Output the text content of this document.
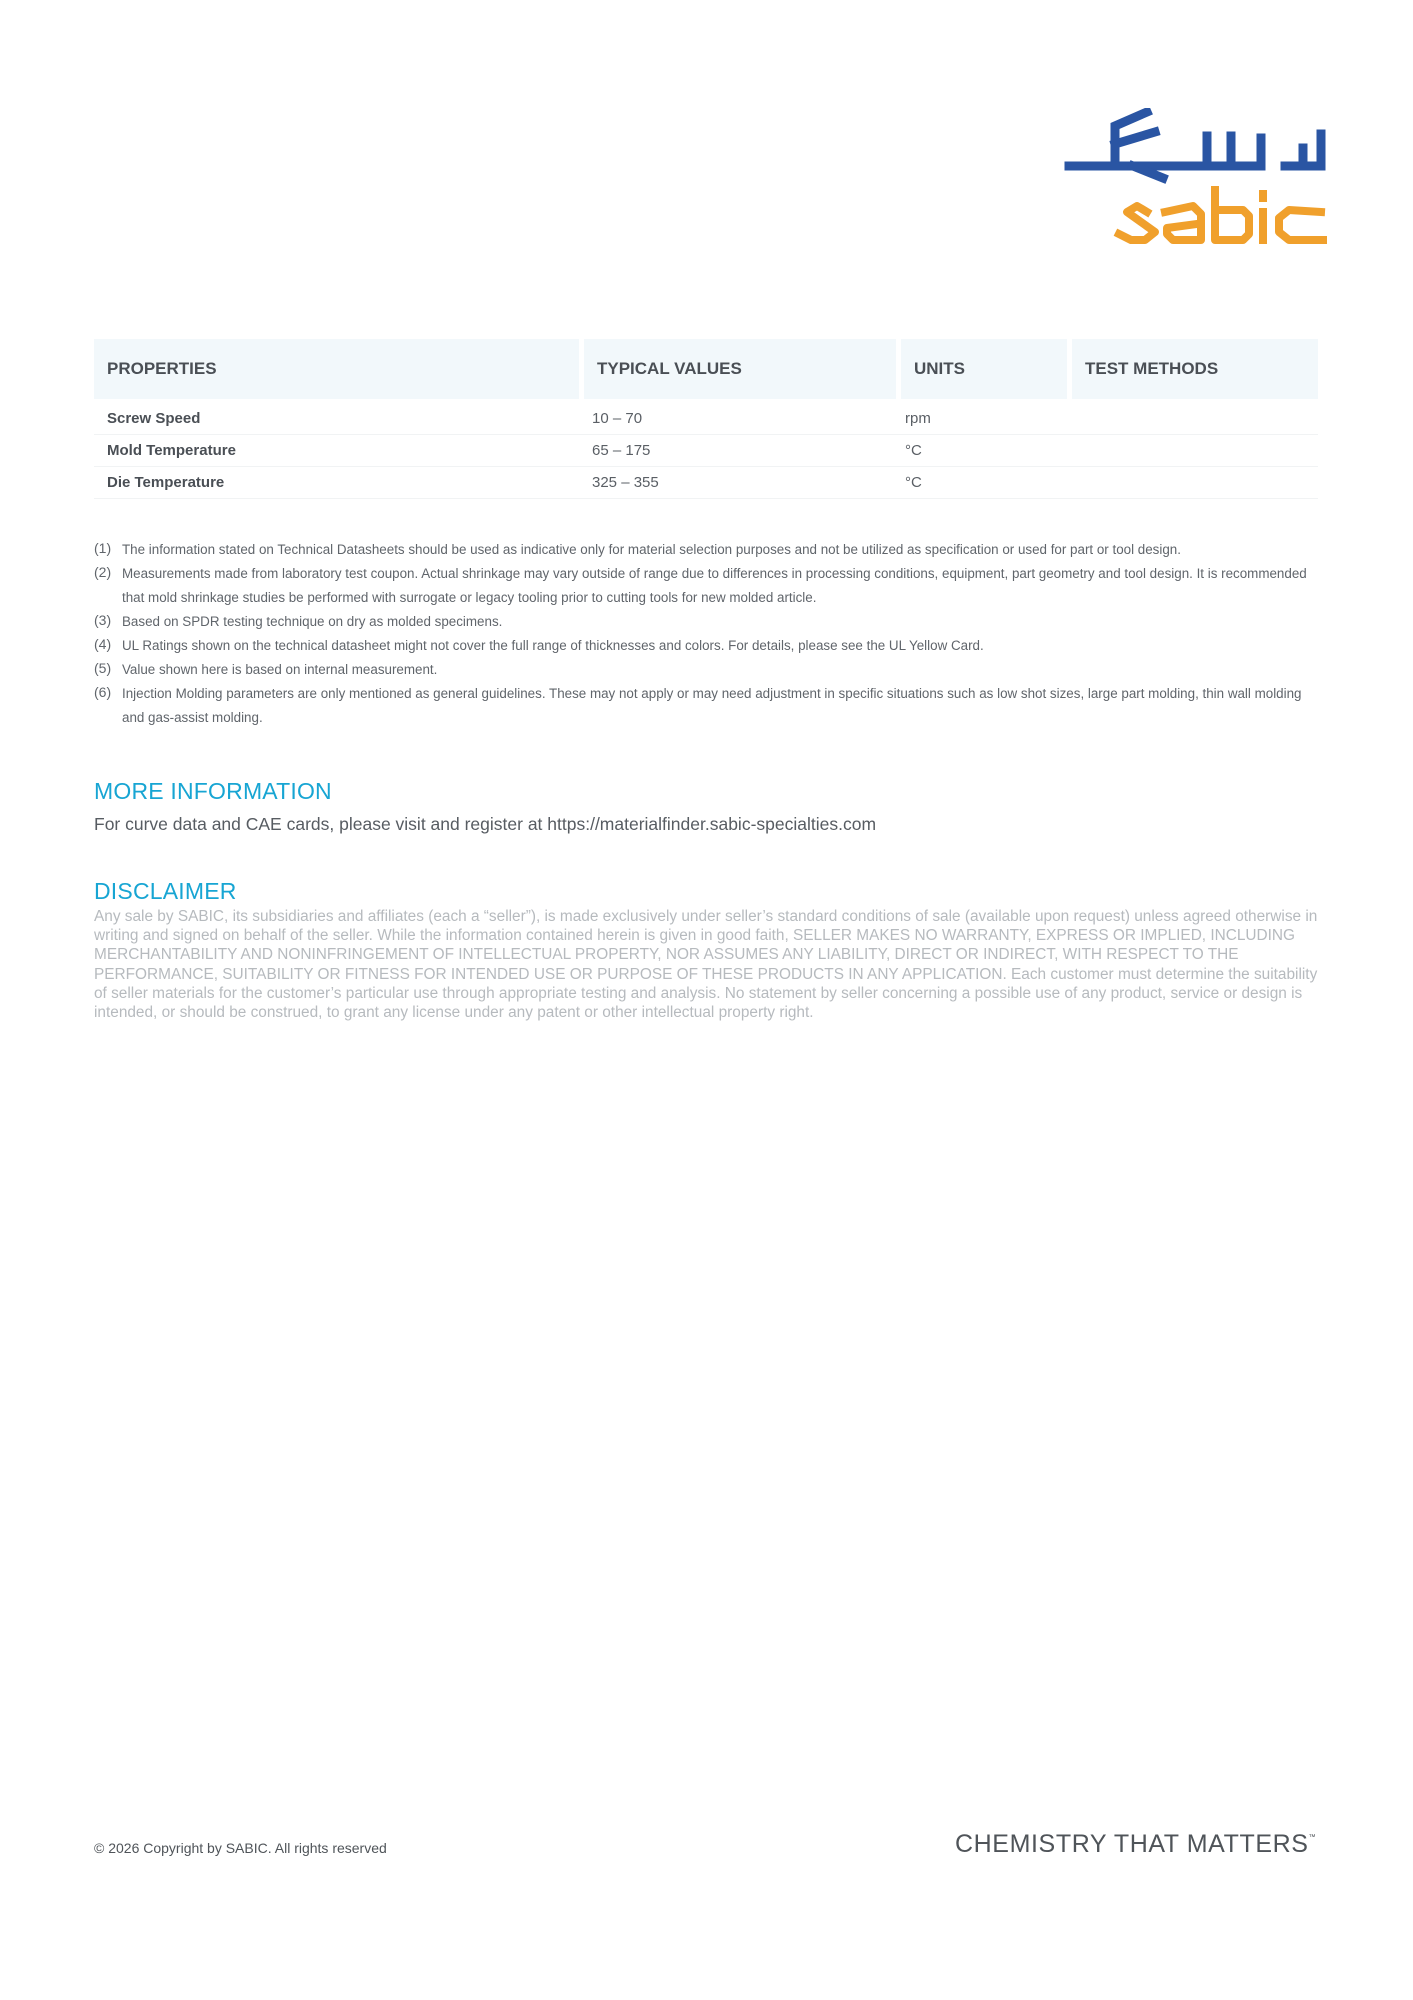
PROPERTIES	TYPICAL VALUES	UNITS	TEST METHODS
Screw Speed	10 – 70	rpm
Mold Temperature	65 – 175	°C
Die Temperature	325 – 355	°C
(1) The information stated on Technical Datasheets should be used as indicative only for material selection purposes and not be utilized as specification or used for part or tool design.
(2) Measurements made from laboratory test coupon. Actual shrinkage may vary outside of range due to differences in processing conditions, equipment, part geometry and tool design. It is recommended that mold shrinkage studies be performed with surrogate or legacy tooling prior to cutting tools for new molded article.
(3) Based on SPDR testing technique on dry as molded specimens.
(4) UL Ratings shown on the technical datasheet might not cover the full range of thicknesses and colors. For details, please see the UL Yellow Card.
(5) Value shown here is based on internal measurement.
(6) Injection Molding parameters are only mentioned as general guidelines. These may not apply or may need adjustment in specific situations such as low shot sizes, large part molding, thin wall molding and gas-assist molding.
MORE INFORMATION
For curve data and CAE cards, please visit and register at https://materialfinder.sabic-specialties.com
DISCLAIMER
Any sale by SABIC, its subsidiaries and affiliates (each a “seller”), is made exclusively under seller’s standard conditions of sale (available upon request) unless agreed otherwise in writing and signed on behalf of the seller. While the information contained herein is given in good faith, SELLER MAKES NO WARRANTY, EXPRESS OR IMPLIED, INCLUDING MERCHANTABILITY AND NONINFRINGEMENT OF INTELLECTUAL PROPERTY, NOR ASSUMES ANY LIABILITY, DIRECT OR INDIRECT, WITH RESPECT TO THE PERFORMANCE, SUITABILITY OR FITNESS FOR INTENDED USE OR PURPOSE OF THESE PRODUCTS IN ANY APPLICATION. Each customer must determine the suitability of seller materials for the customer’s particular use through appropriate testing and analysis. No statement by seller concerning a possible use of any product, service or design is intended, or should be construed, to grant any license under any patent or other intellectual property right.
© 2026 Copyright by SABIC. All rights reserved	CHEMISTRY THAT MATTERS™
